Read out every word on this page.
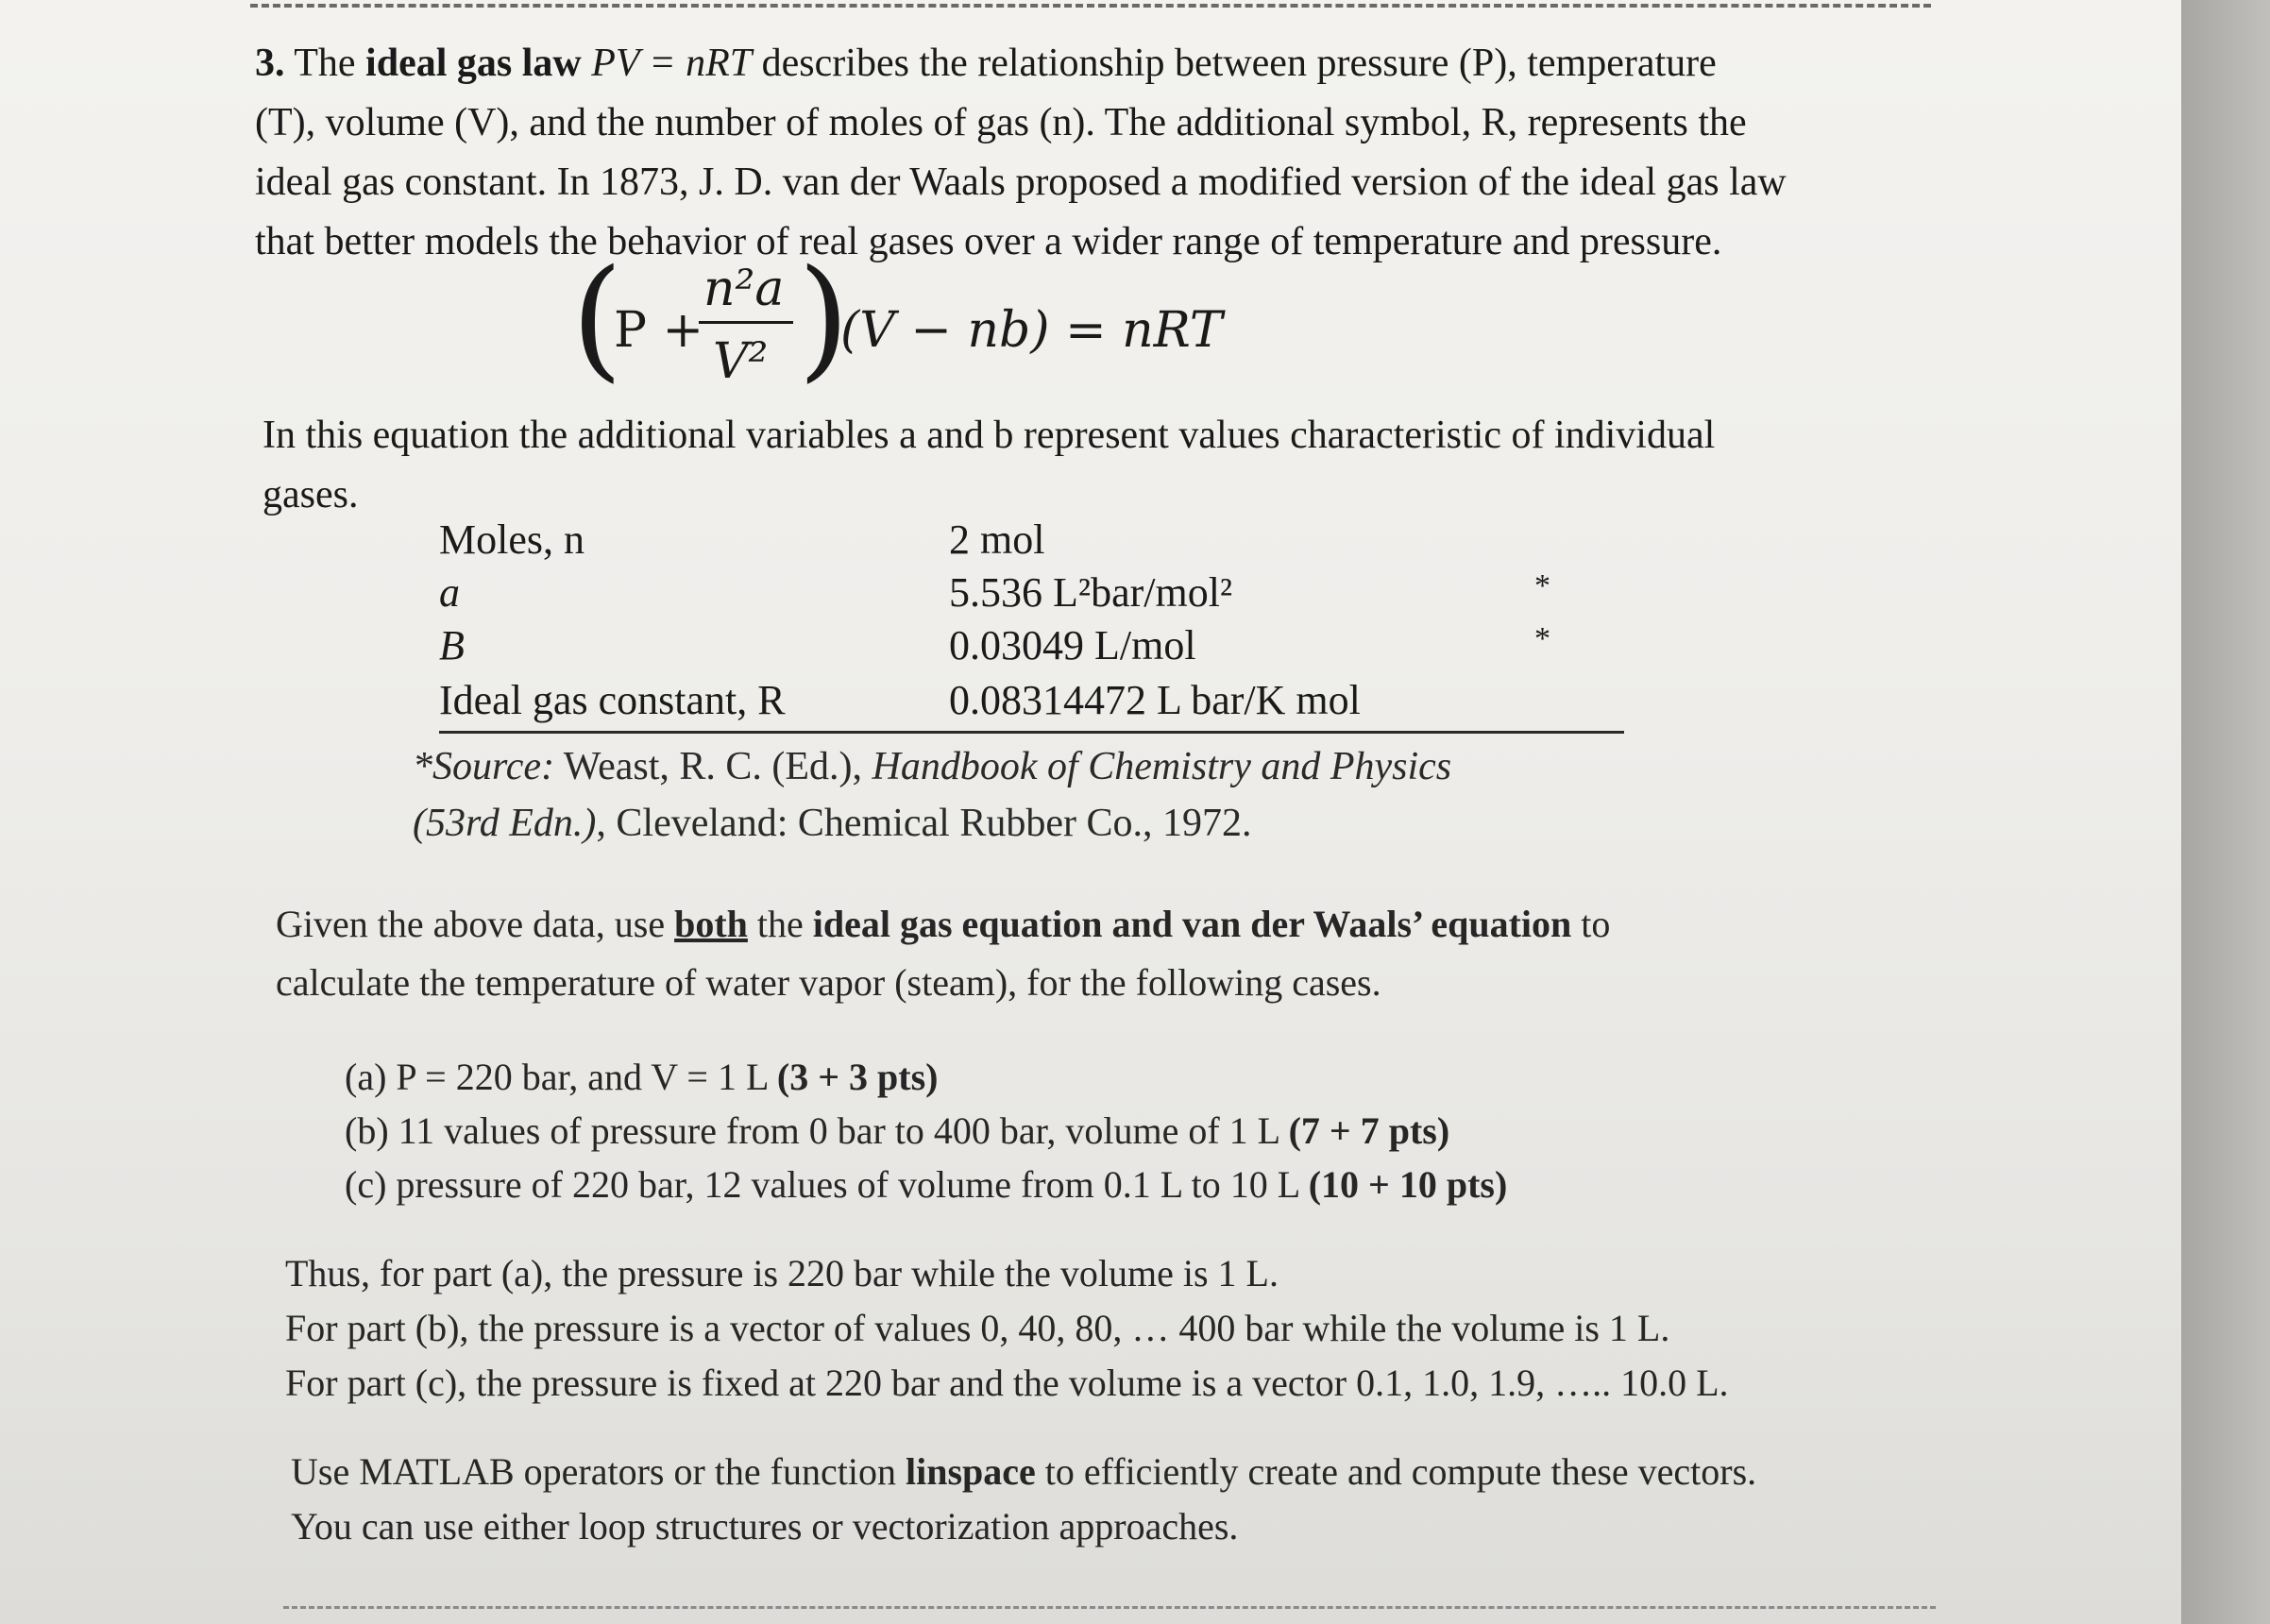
3. The ideal gas law PV = nRT describes the relationship between pressure (P), temperature

(T), volume (V), and the number of moles of gas (n). The additional symbol, R, represents the

ideal gas constant. In 1873, J. D. van der Waals proposed a modified version of the ideal gas law

that better models the behavior of real gases over a wider range of temperature and pressure.

(
P +
n²a
V² )
(V − nb) = nRT

In this equation the additional variables a and b represent values characteristic of individual

gases.

Moles, n	2 mol
a	5.536 L²bar/mol²	*
B	0.03049 L/mol	*
Ideal gas constant, R	0.08314472 L bar/K mol
*Source: Weast, R. C. (Ed.), Handbook of Chemistry and Physics
(53rd Edn.), Cleveland: Chemical Rubber Co., 1972.
Given the above data, use both the ideal gas equation and van der Waals’ equation to
calculate the temperature of water vapor (steam), for the following cases.
(a) P = 220 bar, and V = 1 L (3 + 3 pts)
(b) 11 values of pressure from 0 bar to 400 bar, volume of 1 L (7 + 7 pts)
(c) pressure of 220 bar, 12 values of volume from 0.1 L to 10 L (10 + 10 pts)
Thus, for part (a), the pressure is 220 bar while the volume is 1 L.
For part (b), the pressure is a vector of values 0, 40, 80, … 400 bar while the volume is 1 L.
For part (c), the pressure is fixed at 220 bar and the volume is a vector 0.1, 1.0, 1.9, ….. 10.0 L.
Use MATLAB operators or the function linspace to efficiently create and compute these vectors.
You can use either loop structures or vectorization approaches.
